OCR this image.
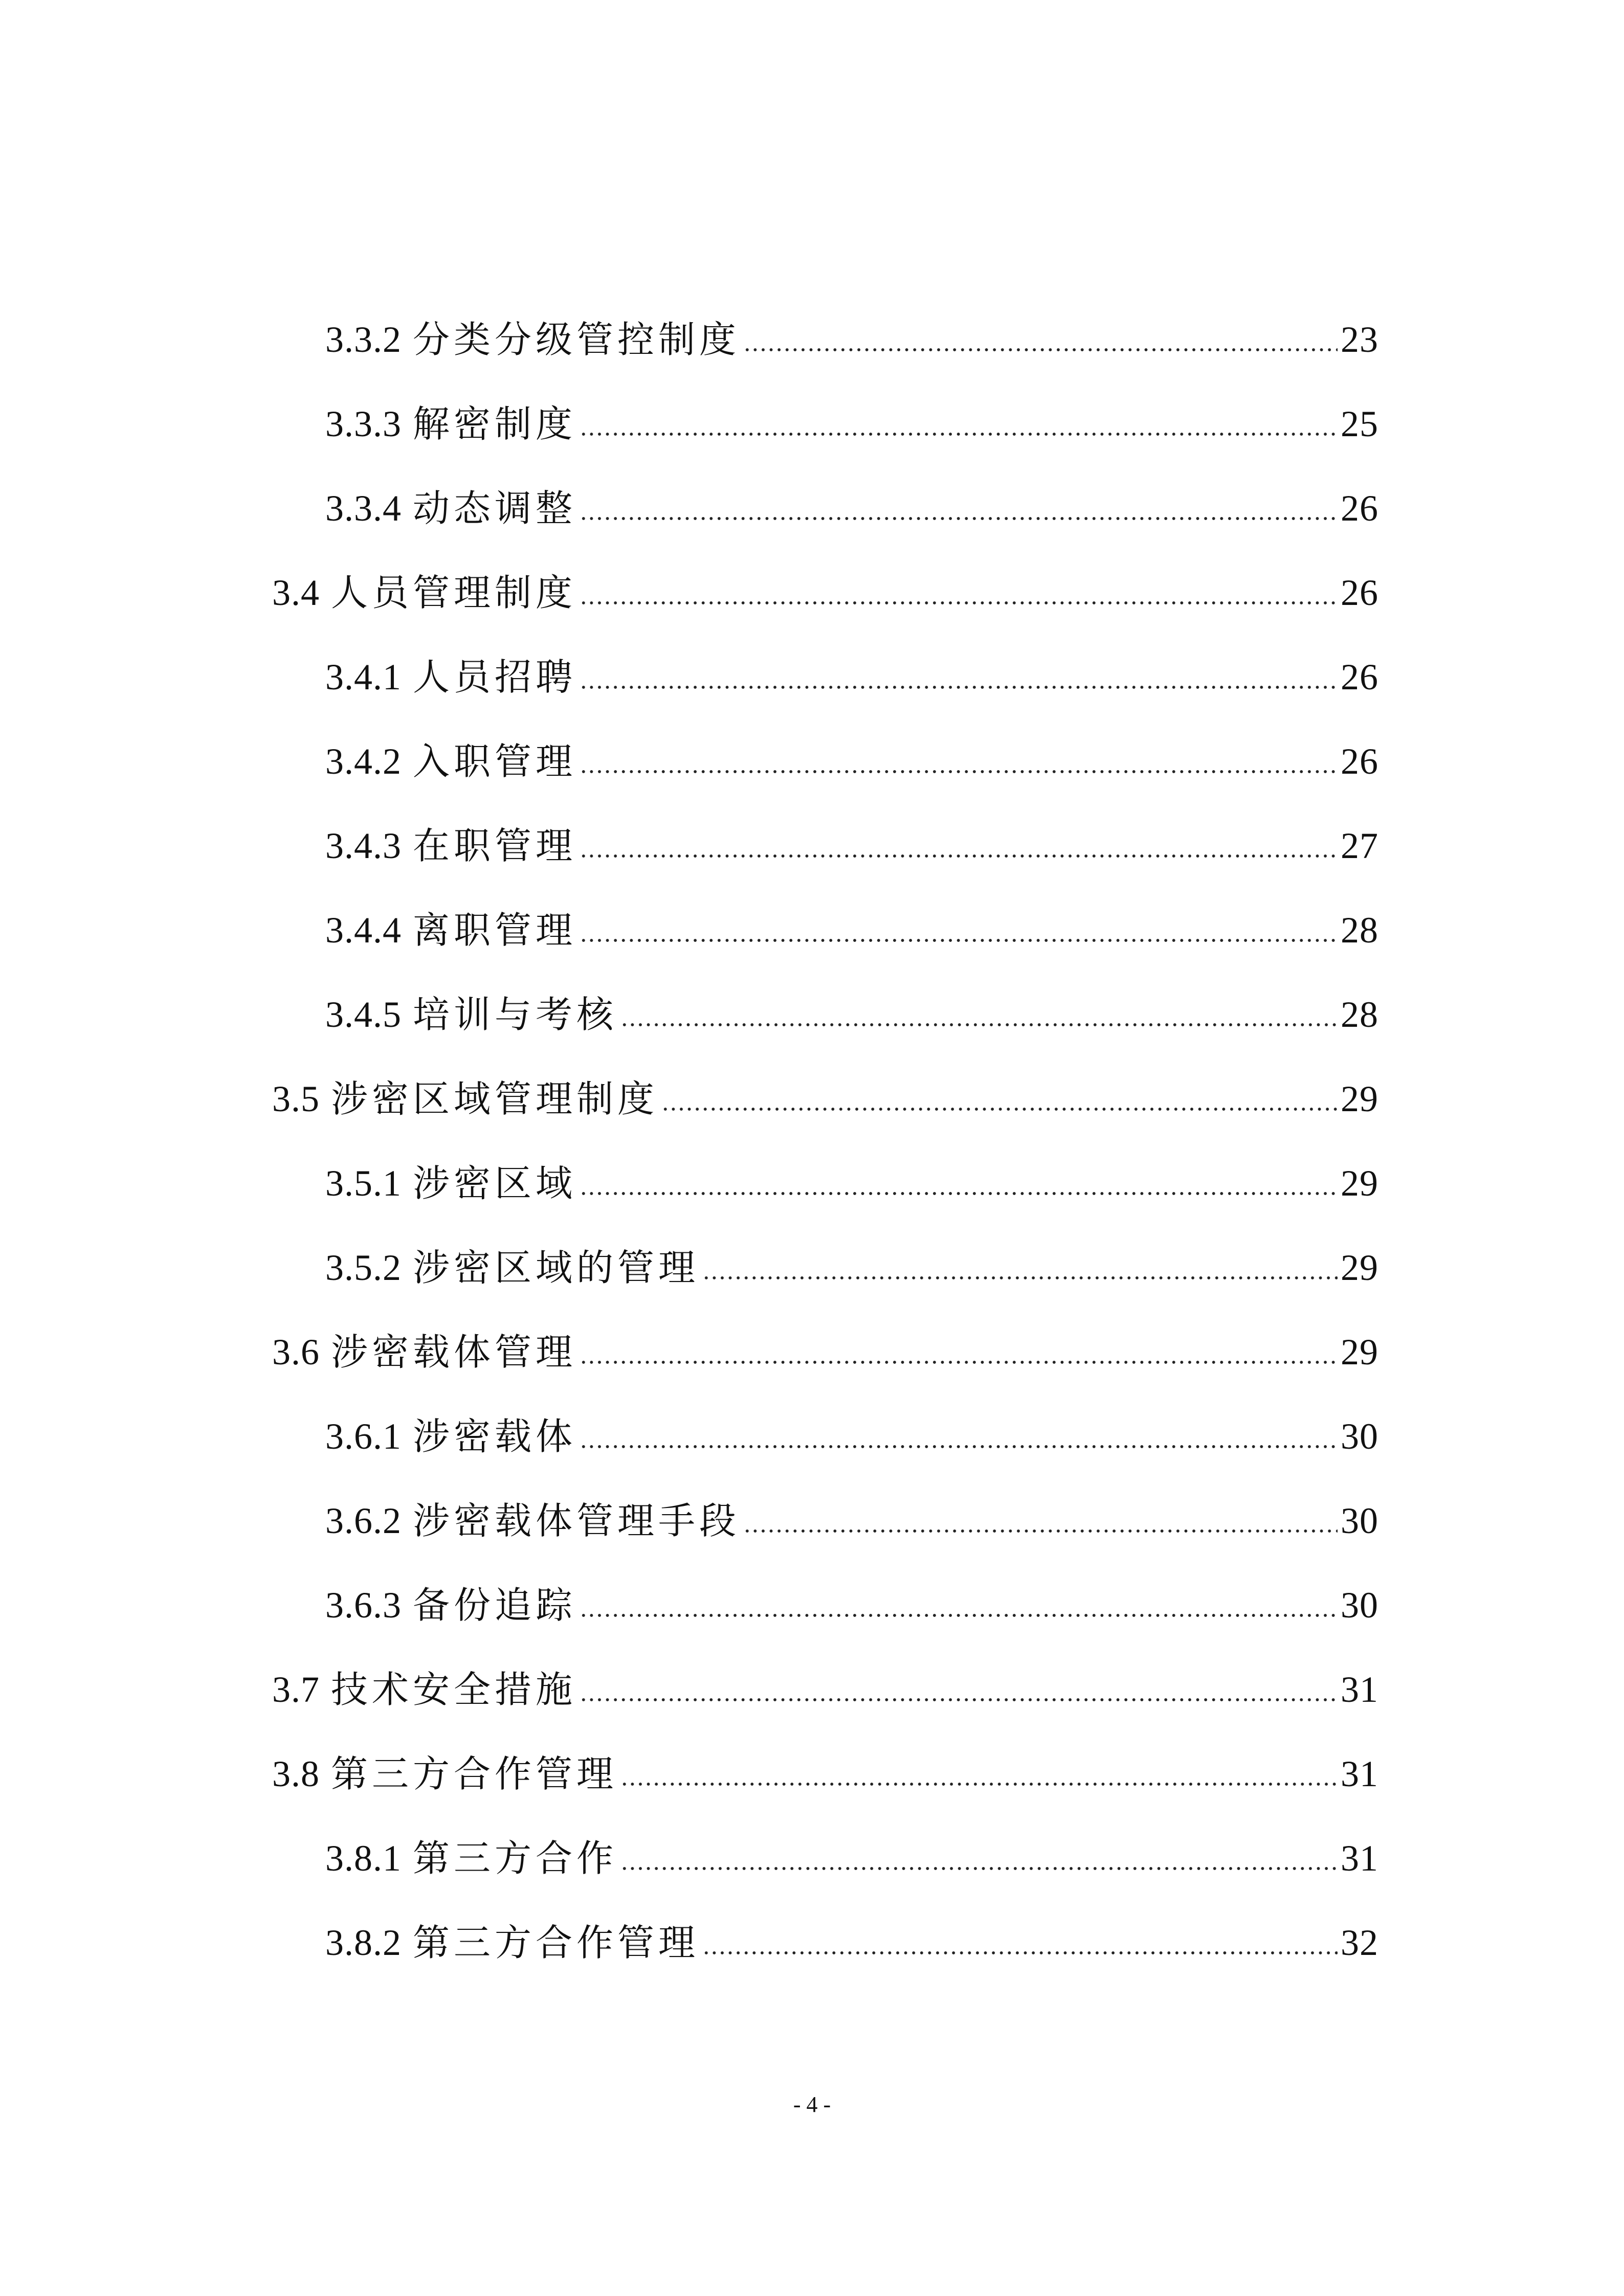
3.3.2 分类分级管控制度	23
3.3.3 解密制度	25
3.3.4 动态调整	26
3.4 人员管理制度	26
3.4.1 人员招聘	26
3.4.2 入职管理	26
3.4.3 在职管理	27
3.4.4 离职管理	28
3.4.5 培训与考核	28
3.5 涉密区域管理制度	29
3.5.1 涉密区域	29
3.5.2 涉密区域的管理	29
3.6 涉密载体管理	29
3.6.1 涉密载体	30
3.6.2 涉密载体管理手段	30
3.6.3 备份追踪	30
3.7 技术安全措施	31
3.8 第三方合作管理	31
3.8.1 第三方合作	31
3.8.2 第三方合作管理	32
- 4 -
